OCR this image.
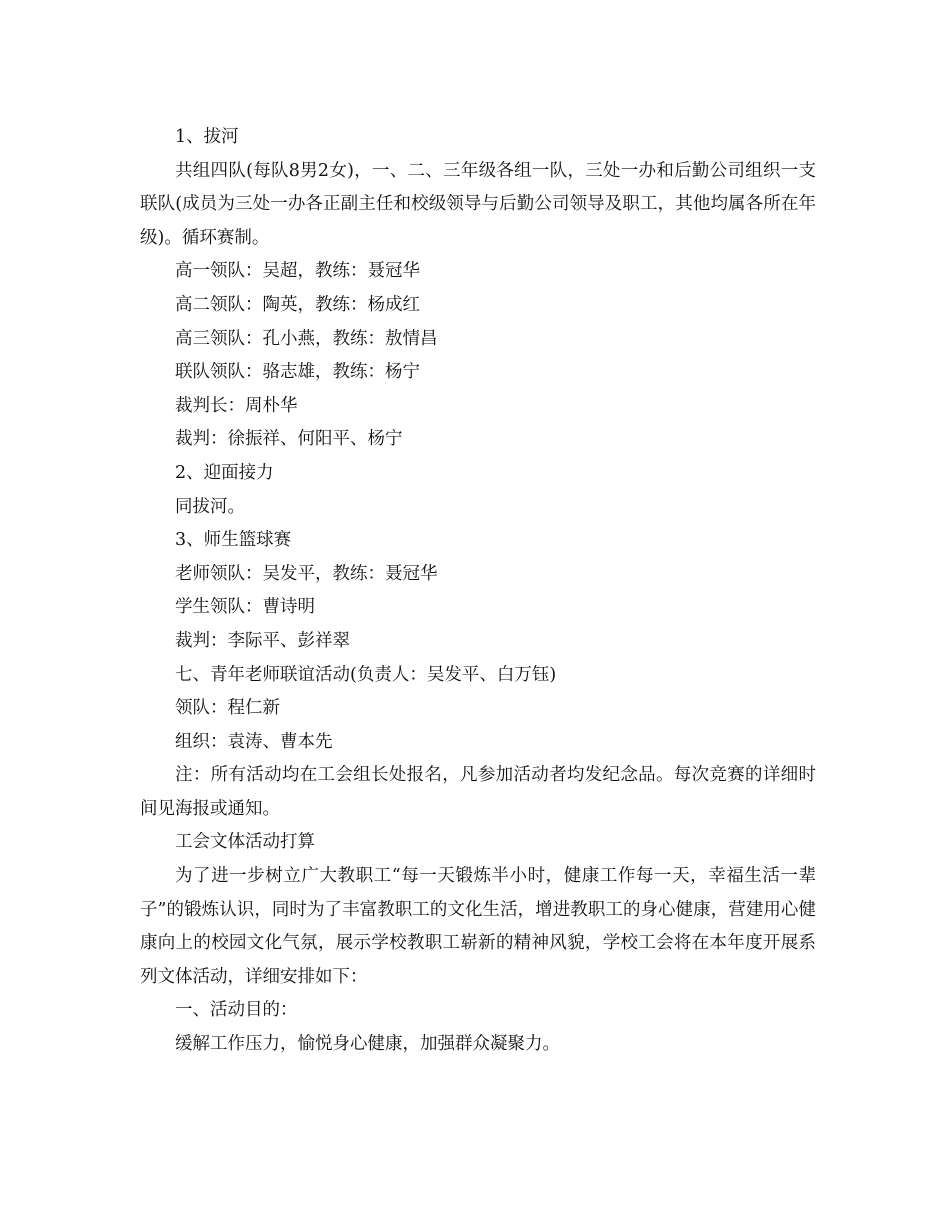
1、拔河

共组四队(每队8男2女)，一、二、三年级各组一队，三处一办和后勤公司组织一支联队(成员为三处一办各正副主任和校级领导与后勤公司领导及职工，其他均属各所在年级)。循环赛制。

高一领队：吴超，教练：聂冠华

高二领队：陶英，教练：杨成红

高三领队：孔小燕，教练：敖情昌

联队领队：骆志雄，教练：杨宁

裁判长：周朴华

裁判：徐振祥、何阳平、杨宁

2、迎面接力

同拔河。

3、师生篮球赛

老师领队：吴发平，教练：聂冠华

学生领队：曹诗明

裁判：李际平、彭祥翠

七、青年老师联谊活动(负责人：吴发平、白万钰)

领队：程仁新

组织：袁涛、曹本先

注：所有活动均在工会组长处报名，凡参加活动者均发纪念品。每次竞赛的详细时间见海报或通知。

工会文体活动打算

为了进一步树立广大教职工“每一天锻炼半小时，健康工作每一天，幸福生活一辈子”的锻炼认识，同时为了丰富教职工的文化生活，增进教职工的身心健康，营建用心健康向上的校园文化气氛，展示学校教职工崭新的精神风貌，学校工会将在本年度开展系列文体活动，详细安排如下：

一、活动目的：

缓解工作压力，愉悦身心健康，加强群众凝聚力。
